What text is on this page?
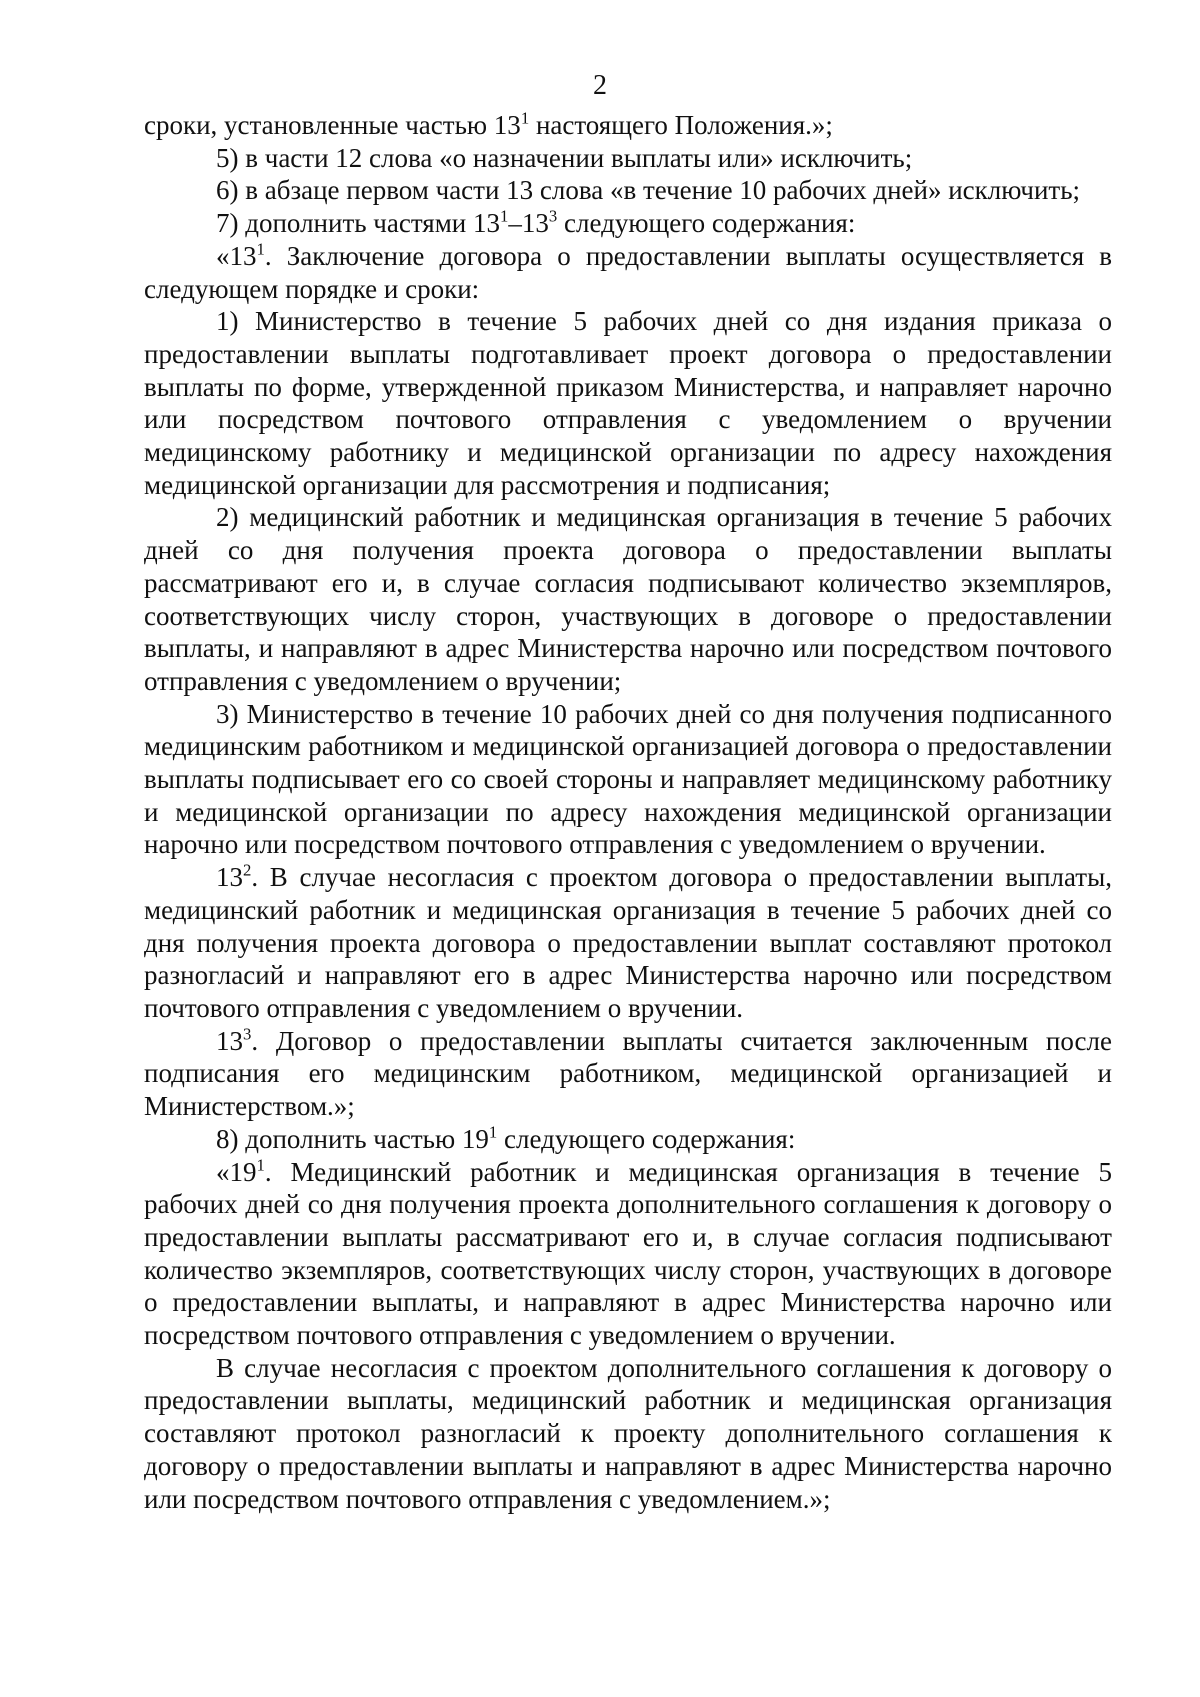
2

сроки, установленные частью $13^1$ настоящего Положения.»;

5) в части 12 слова «о назначении выплаты или» исключить;

6) в абзаце первом части 13 слова «в течение 10 рабочих дней» исключить;

7) дополнить частями $13^1-13^3$ следующего содержания:

«$13^1$. Заключение договора о предоставлении выплаты осуществляется в следующем порядке и сроки:

1) Министерство в течение 5 рабочих дней со дня издания приказа о предоставлении выплаты подготавливает проект договора о предоставлении выплаты по форме, утвержденной приказом Министерства, и направляет нарочно или посредством почтового отправления с уведомлением о вручении медицинскому работнику и медицинской организации по адресу нахождения медицинской организации для рассмотрения и подписания;

2) медицинский работник и медицинская организация в течение 5 рабочих дней со дня получения проекта договора о предоставлении выплаты рассматривают его и, в случае согласия подписывают количество экземпляров, соответствующих числу сторон, участвующих в договоре о предоставлении выплаты, и направляют в адрес Министерства нарочно или посредством почтового отправления с уведомлением о вручении;

3) Министерство в течение 10 рабочих дней со дня получения подписанного медицинским работником и медицинской организацией договора о предоставлении выплаты подписывает его со своей стороны и направляет медицинскому работнику и медицинской организации по адресу нахождения медицинской организации нарочно или посредством почтового отправления с уведомлением о вручении.

$13^2$. В случае несогласия с проектом договора о предоставлении выплаты, медицинский работник и медицинская организация в течение 5 рабочих дней со дня получения проекта договора о предоставлении выплат составляют протокол разногласий и направляют его в адрес Министерства нарочно или посредством почтового отправления с уведомлением о вручении.

$13^3$. Договор о предоставлении выплаты считается заключенным после подписания его медицинским работником, медицинской организацией и Министерством.»;

8) дополнить частью $19^1$ следующего содержания:

«$19^1$. Медицинский работник и медицинская организация в течение 5 рабочих дней со дня получения проекта дополнительного соглашения к договору о предоставлении выплаты рассматривают его и, в случае согласия подписывают количество экземпляров, соответствующих числу сторон, участвующих в договоре о предоставлении выплаты, и направляют в адрес Министерства нарочно или посредством почтового отправления с уведомлением о вручении.

В случае несогласия с проектом дополнительного соглашения к договору о предоставлении выплаты, медицинский работник и медицинская организация составляют протокол разногласий к проекту дополнительного соглашения к договору о предоставлении выплаты и направляют в адрес Министерства нарочно или посредством почтового отправления с уведомлением.»;
